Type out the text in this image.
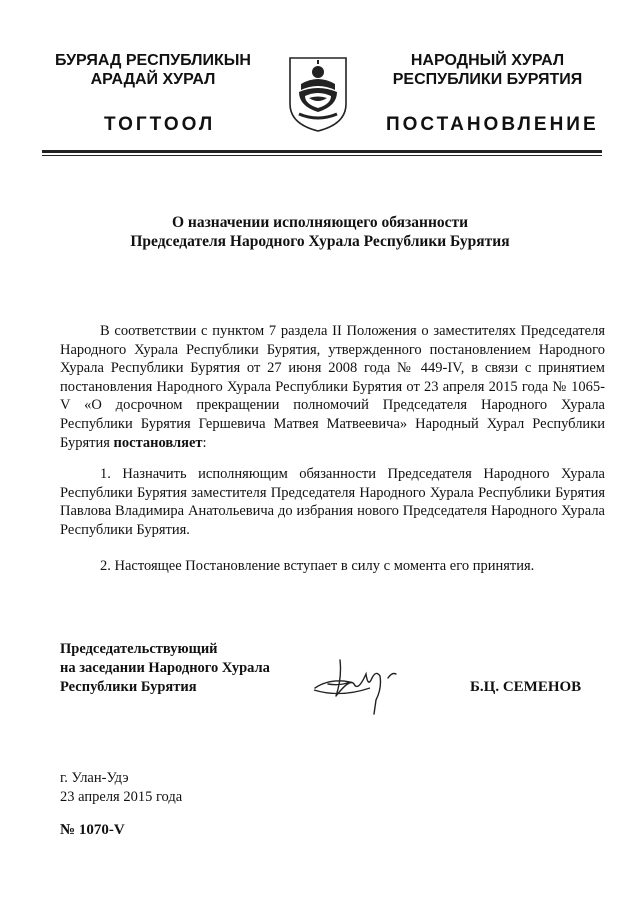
БУРЯАД РЕСПУБЛИКЫН
АРАДАЙ ХУРАЛ
ТОГТООЛ
НАРОДНЫЙ ХУРАЛ
РЕСПУБЛИКИ БУРЯТИЯ
ПОСТАНОВЛЕНИЕ
О назначении исполняющего обязанности
Председателя Народного Хурала Республики Бурятия

В соответствии с пунктом 7 раздела II Положения о заместителях Председателя Народного Хурала Республики Бурятия, утвержденного постановлением Народного Хурала Республики Бурятия от 27 июня 2008 года № 449-IV, в связи с принятием постановления Народного Хурала Республики Бурятия от 23 апреля 2015 года № 1065-V «О досрочном прекращении полномочий Председателя Народного Хурала Республики Бурятия Гершевича Матвея Матвеевича» Народный Хурал Республики Бурятия постановляет:

1. Назначить исполняющим обязанности Председателя Народного Хурала Республики Бурятия заместителя Председателя Народного Хурала Республики Бурятия Павлова Владимира Анатольевича до избрания нового Председателя Народного Хурала Республики Бурятия.

2. Настоящее Постановление вступает в силу с момента его принятия.

Председательствующий
на заседании Народного Хурала
Республики Бурятия	Б.Ц. СЕМЕНОВ
г. Улан-Удэ
23 апреля 2015 года
№ 1070-V
